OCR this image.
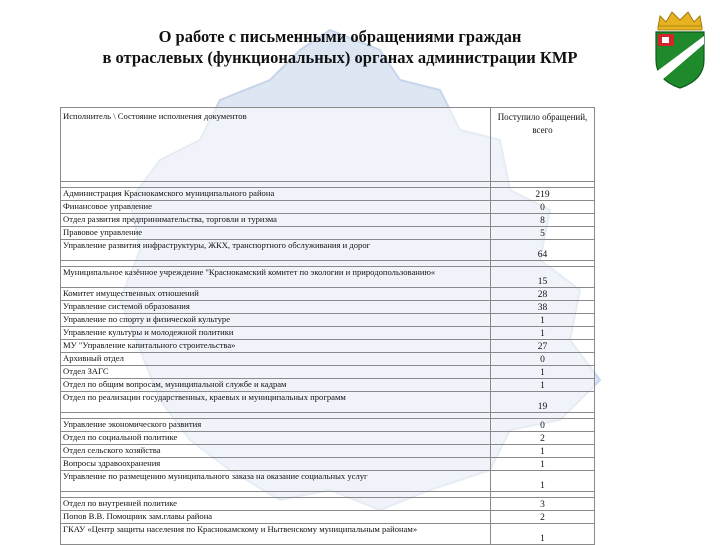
О работе с письменными обращениями граждан
в отраслевых (функциональных) органах администрации КМР
Исполнитель \ Состояние исполнения документов	Поступило обращений, всего

Администрация Краснокамского муниципального района	219
Финансовое управление	0
Отдел развития предпринимательства, торговли и туризма	8
Правовое управление	5
Управление развития инфраструктуры, ЖКХ, транспортного обслуживания и дорог	64

Муниципальное казённое учреждение "Краснокамский комитет по экологии и природопользованию«	15
Комитет имущественных отношений	28
Управление системой образования	38
Управление по спорту и физической культуре	1
Управление культуры и молодежной политики	1
МУ "Управление капитального строительства»	27
Архивный отдел	0
Отдел ЗАГС	1
Отдел по общим вопросам, муниципальной службе и кадрам	1
Отдел по реализации государственных, краевых и муниципальных программ	19

Управление экономического развития	0
Отдел по социальной политике	2
Отдел сельского хозяйства	1
Вопросы здравоохранения	1
Управление по размещению муниципального заказа на оказание социальных услуг	1

Отдел по внутренней политике	3
Попов В.В. Помощник зам.главы района	2
ГКАУ «Центр защиты населения по Краснокамскому и Нытвенскому муниципальным районам»	1
